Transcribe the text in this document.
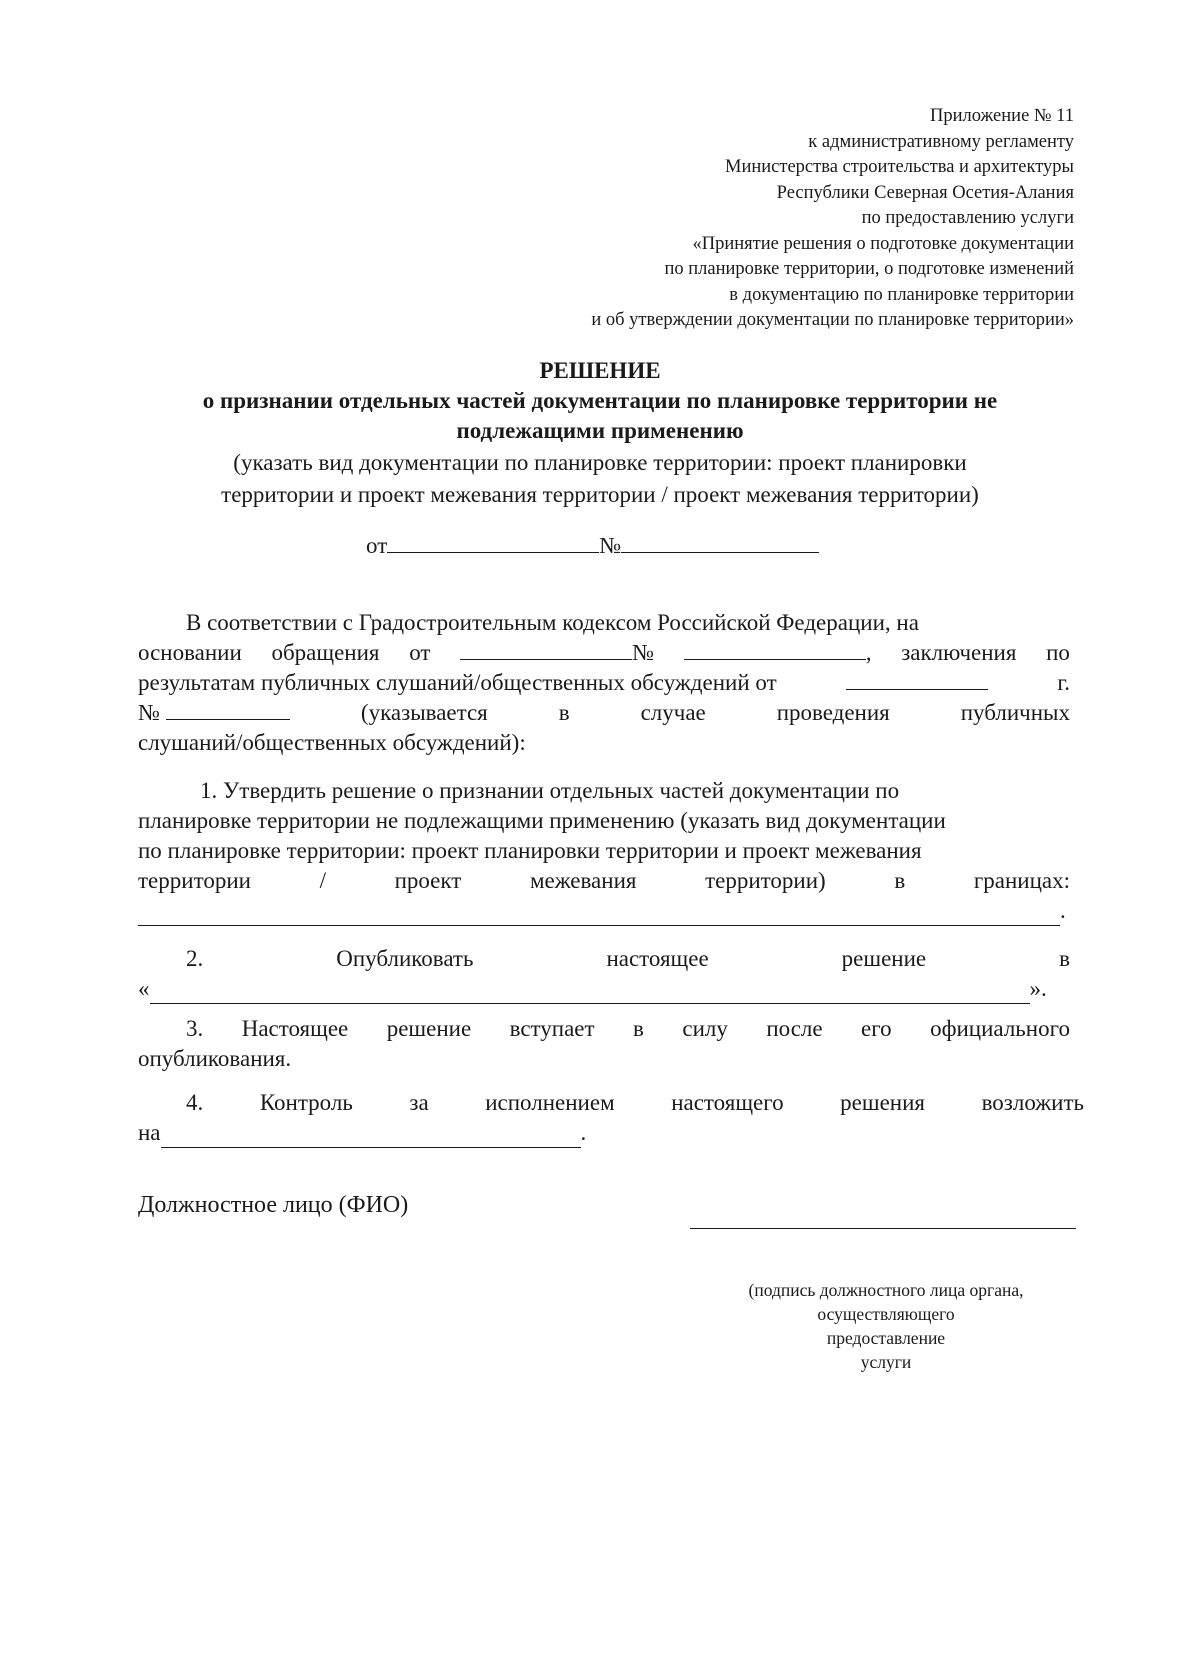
Приложение № 11
к административному регламенту
Министерства строительства и архитектуры
Республики Северная Осетия-Алания
по предоставлению услуги
«Принятие решения о подготовке документации
по планировке территории, о подготовке изменений
в документацию по планировке территории
и об утверждении документации по планировке территории»
РЕШЕНИЕ
о признании отдельных частей документации по планировке территории не
подлежащими применению
(указать вид документации по планировке территории: проект планировки
территории и проект межевания территории / проект межевания территории)
от	№
В соответствии с Градостроительным кодексом Российской Федерации, на
основании обращения от	№	, заключения по
результатам публичных слушаний/общественных обсуждений от	г.
№	(указывается	в	случае	проведения	публичных
слушаний/общественных обсуждений):
1. Утвердить решение о признании отдельных частей документации по
планировке территории не подлежащими применению (указать вид документации
по планировке территории: проект планировки территории и проект межевания
территории	/	проект	межевания	территории)	в	границах:
.
2.	Опубликовать	настоящее	решение	в
«	».
3. Настоящее решение вступает в силу после его официального
опубликования.
4. Контроль за исполнением настоящего решения возложить
на	.
Должностное лицо (ФИО)
(подпись должностного лица органа,
осуществляющего
предоставление
услуги
